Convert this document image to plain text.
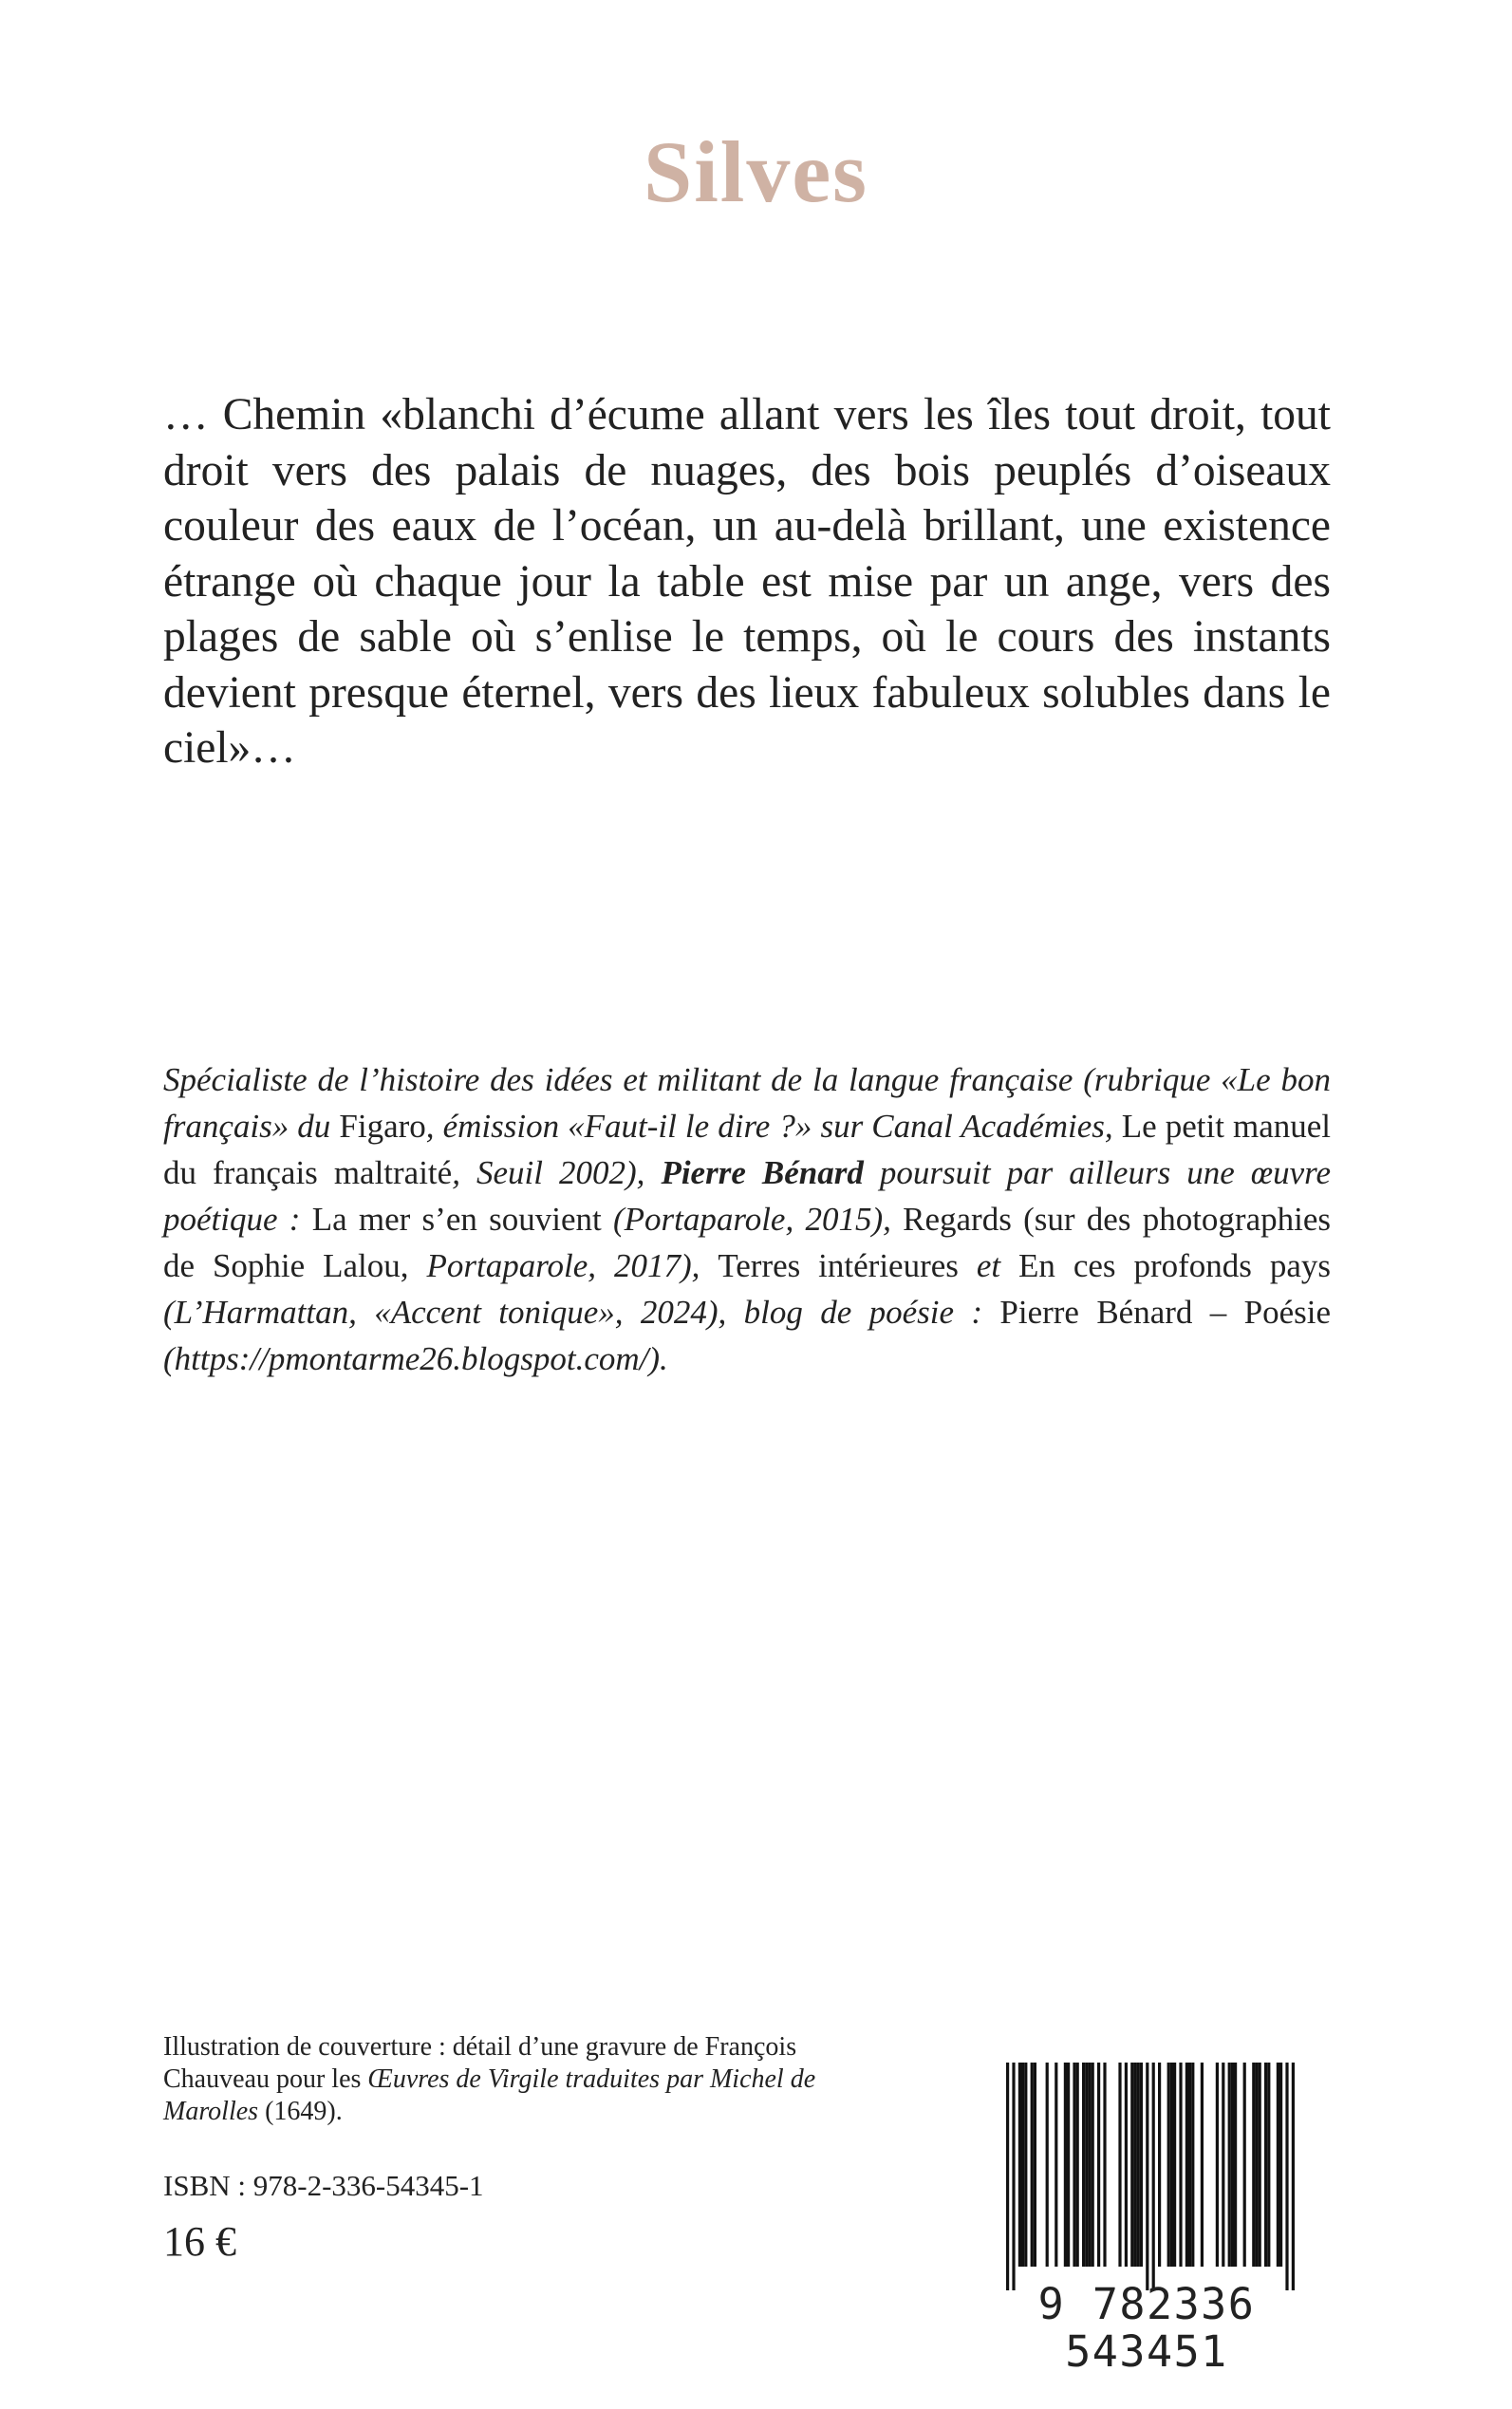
Silves

… Chemin «blanchi d’écume allant vers les îles tout droit, tout droit vers des palais de nuages, des bois peuplés d’oiseaux couleur des eaux de l’océan, un au-delà brillant, une existence étrange où chaque jour la table est mise par un ange, vers des plages de sable où s’enlise le temps, où le cours des instants devient presque éternel, vers des lieux fabuleux solubles dans le ciel»…

Spécialiste de l’histoire des idées et militant de la langue française (rubrique «Le bon français» du Figaro, émission «Faut-il le dire ?» sur Canal Académies, Le petit manuel du français maltraité, Seuil 2002), Pierre Bénard poursuit par ailleurs une œuvre poétique : La mer s’en souvient (Portaparole, 2015), Regards (sur des photographies de Sophie Lalou, Portaparole, 2017), Terres intérieures et En ces profonds pays (L’Harmattan, «Accent tonique», 2024), blog de poésie : Pierre Bénard – Poésie (https://pmontarme26.blogspot.com/).

Illustration de couverture : détail d’une gravure de François Chauveau pour les Œuvres de Virgile traduites par Michel de Marolles (1649).

ISBN : 978-2-336-54345-1

16 €

9 782336 543451
